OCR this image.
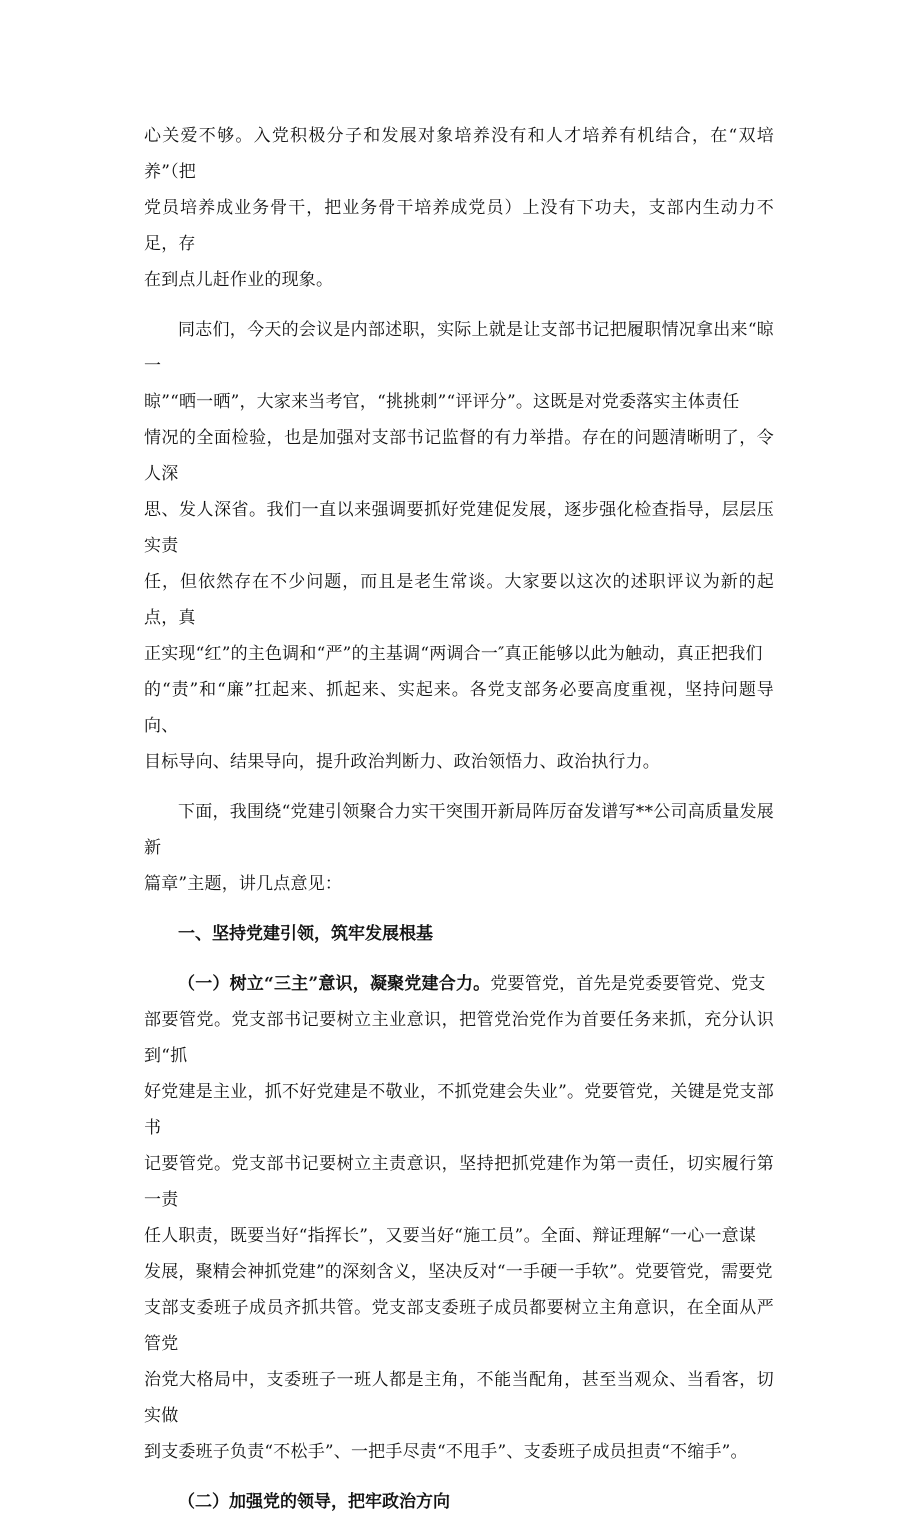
心关爱不够。入党积极分子和发展对象培养没有和人才培养有机结合，在“双培养”（把
党员培养成业务骨干，把业务骨干培养成党员）上没有下功夫，支部内生动力不足，存
在到点儿赶作业的现象。

同志们，今天的会议是内部述职，实际上就是让支部书记把履职情况拿出来“晾一
晾”“晒一晒”，大家来当考官，“挑挑刺”“评评分”。这既是对党委落实主体责任
情况的全面检验，也是加强对支部书记监督的有力举措。存在的问题清晰明了，令人深
思、发人深省。我们一直以来强调要抓好党建促发展，逐步强化检查指导，层层压实责
任，但依然存在不少问题，而且是老生常谈。大家要以这次的述职评议为新的起点，真
正实现“红”的主色调和“严”的主基调“两调合一″真正能够以此为触动，真正把我们
的“责”和“廉”扛起来、抓起来、实起来。各党支部务必要高度重视，坚持问题导向、
目标导向、结果导向，提升政治判断力、政治领悟力、政治执行力。

下面，我围绕“党建引领聚合力实干突围开新局阵厉奋发谱写**公司高质量发展新
篇章”主题，讲几点意见：

一、坚持党建引领，筑牢发展根基

（一）树立“三主”意识，凝聚党建合力。党要管党，首先是党委要管党、党支
部要管党。党支部书记要树立主业意识，把管党治党作为首要任务来抓，充分认识到“抓
好党建是主业，抓不好党建是不敬业，不抓党建会失业”。党要管党，关键是党支部书
记要管党。党支部书记要树立主责意识，坚持把抓党建作为第一责任，切实履行第一责
任人职责，既要当好“指挥长”，又要当好“施工员”。全面、辩证理解“一心一意谋
发展，聚精会神抓党建”的深刻含义，坚决反对“一手硬一手软”。党要管党，需要党
支部支委班子成员齐抓共管。党支部支委班子成员都要树立主角意识，在全面从严管党
治党大格局中，支委班子一班人都是主角，不能当配角，甚至当观众、当看客，切实做
到支委班子负责“不松手”、一把手尽责“不甩手”、支委班子成员担责“不缩手”。

（二）加强党的领导，把牢政治方向
